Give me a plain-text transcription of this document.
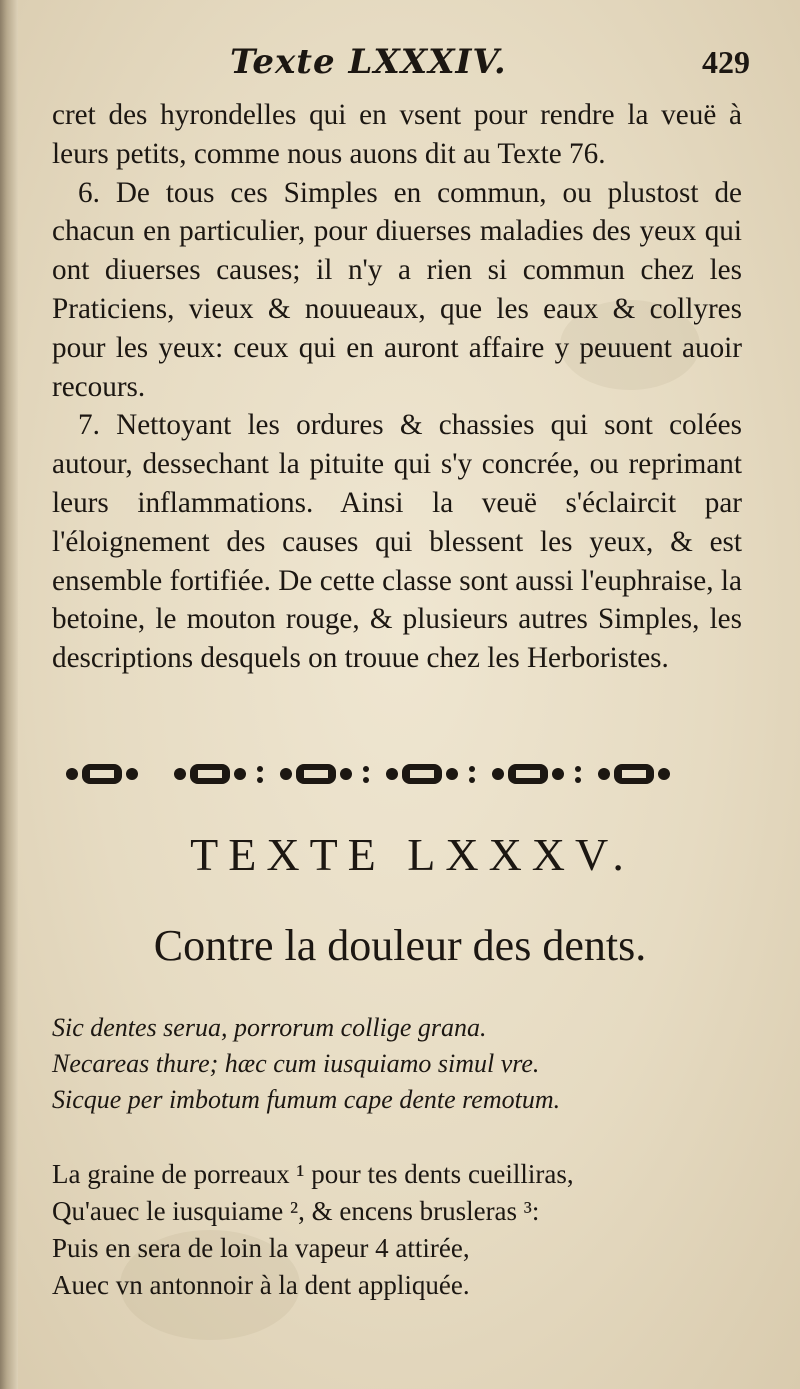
Texte LXXXIV.	429

cret des hyrondelles qui en vsent pour rendre la veuë à leurs petits, comme nous auons dit au Texte 76.

6. De tous ces Simples en commun, ou plustost de chacun en particulier, pour diuerses maladies des yeux qui ont diuerses causes; il n'y a rien si commun chez les Praticiens, vieux & nouueaux, que les eaux & collyres pour les yeux: ceux qui en auront affaire y peuuent auoir recours.

7. Nettoyant les ordures & chassies qui sont colées autour, dessechant la pituite qui s'y concrée, ou reprimant leurs inflammations. Ainsi la veuë s'éclaircit par l'éloignement des causes qui blessent les yeux, & est ensemble fortifiée. De cette classe sont aussi l'euphraise, la betoine, le mouton rouge, & plusieurs autres Simples, les descriptions desquels on trouue chez les Herboristes.

TEXTE LXXXV.
Contre la douleur des dents.
Sic dentes serua, porrorum collige grana.
Necareas thure; hæc cum iusquiamo simul vre.
Sicque per imbotum fumum cape dente remotum.
La graine de porreaux ¹ pour tes dents cueilliras,
Qu'auec le iusquiame ², & encens brusleras ³:
Puis en sera de loin la vapeur 4 attirée,
Auec vn antonnoir à la dent appliquée.
